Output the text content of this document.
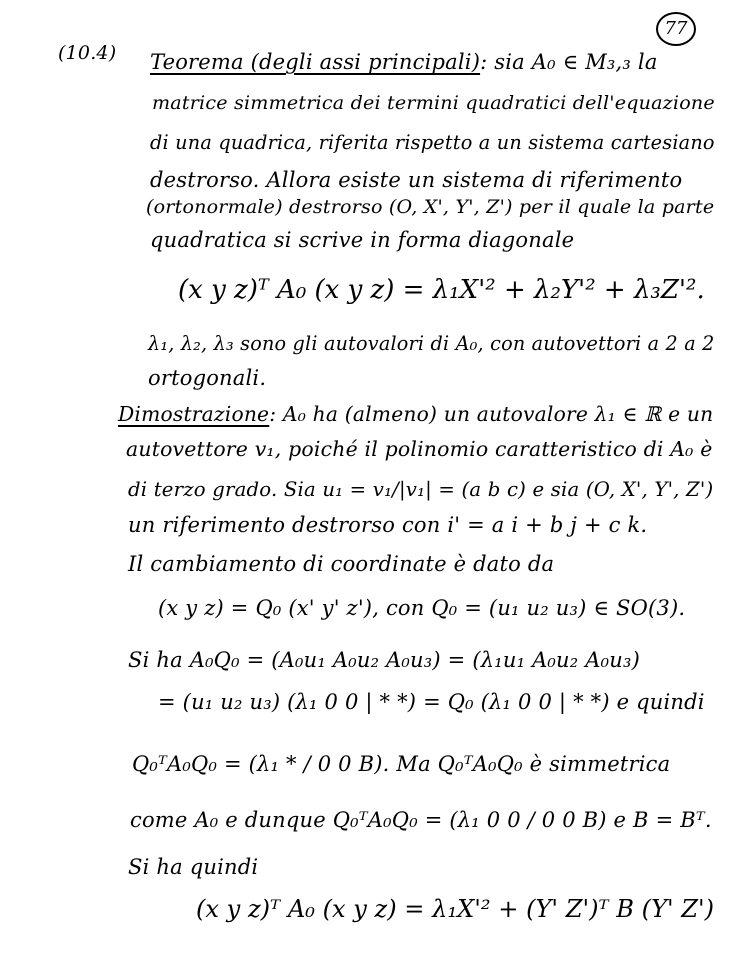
77
(10.4) Teorema (degli assi principali): sia A₀ ∈ M₃,₃ la
matrice simmetrica dei termini quadratici dell'equazione
di una quadrica, riferita rispetto a un sistema cartesiano
destrorso. Allora esiste un sistema di riferimento
(ortonormale) destrorso (O, X', Y', Z') per il quale la parte
quadratica si scrive in forma diagonale
(x y z)ᵀ A₀ (x y z) = λ₁X'² + λ₂Y'² + λ₃Z'².
λ₁, λ₂, λ₃ sono gli autovalori di A₀, con autovettori a 2 a 2
ortogonali.
Dimostrazione: A₀ ha (almeno) un autovalore λ₁ ∈ ℝ e un
autovettore v₁, poiché il polinomio caratteristico di A₀ è
di terzo grado. Sia u₁ = v₁/|v₁| = (a b c) e sia (O, X', Y', Z')
un riferimento destrorso con i' = a i + b j + c k.
Il cambiamento di coordinate è dato da
(x y z) = Q₀ (x' y' z'), con Q₀ = (u₁ u₂ u₃) ∈ SO(3).
Si ha A₀Q₀ = (A₀u₁ A₀u₂ A₀u₃) = (λ₁u₁ A₀u₂ A₀u₃)
= (u₁ u₂ u₃) (λ₁ 0 0 | * *) = Q₀ (λ₁ 0 0 | * *) e quindi
Q₀ᵀA₀Q₀ = (λ₁ * / 0 0 B). Ma Q₀ᵀA₀Q₀ è simmetrica
come A₀ e dunque Q₀ᵀA₀Q₀ = (λ₁ 0 0 / 0 0 B) e B = Bᵀ.
Si ha quindi
(x y z)ᵀ A₀ (x y z) = λ₁X'² + (Y' Z')ᵀ B (Y' Z')
